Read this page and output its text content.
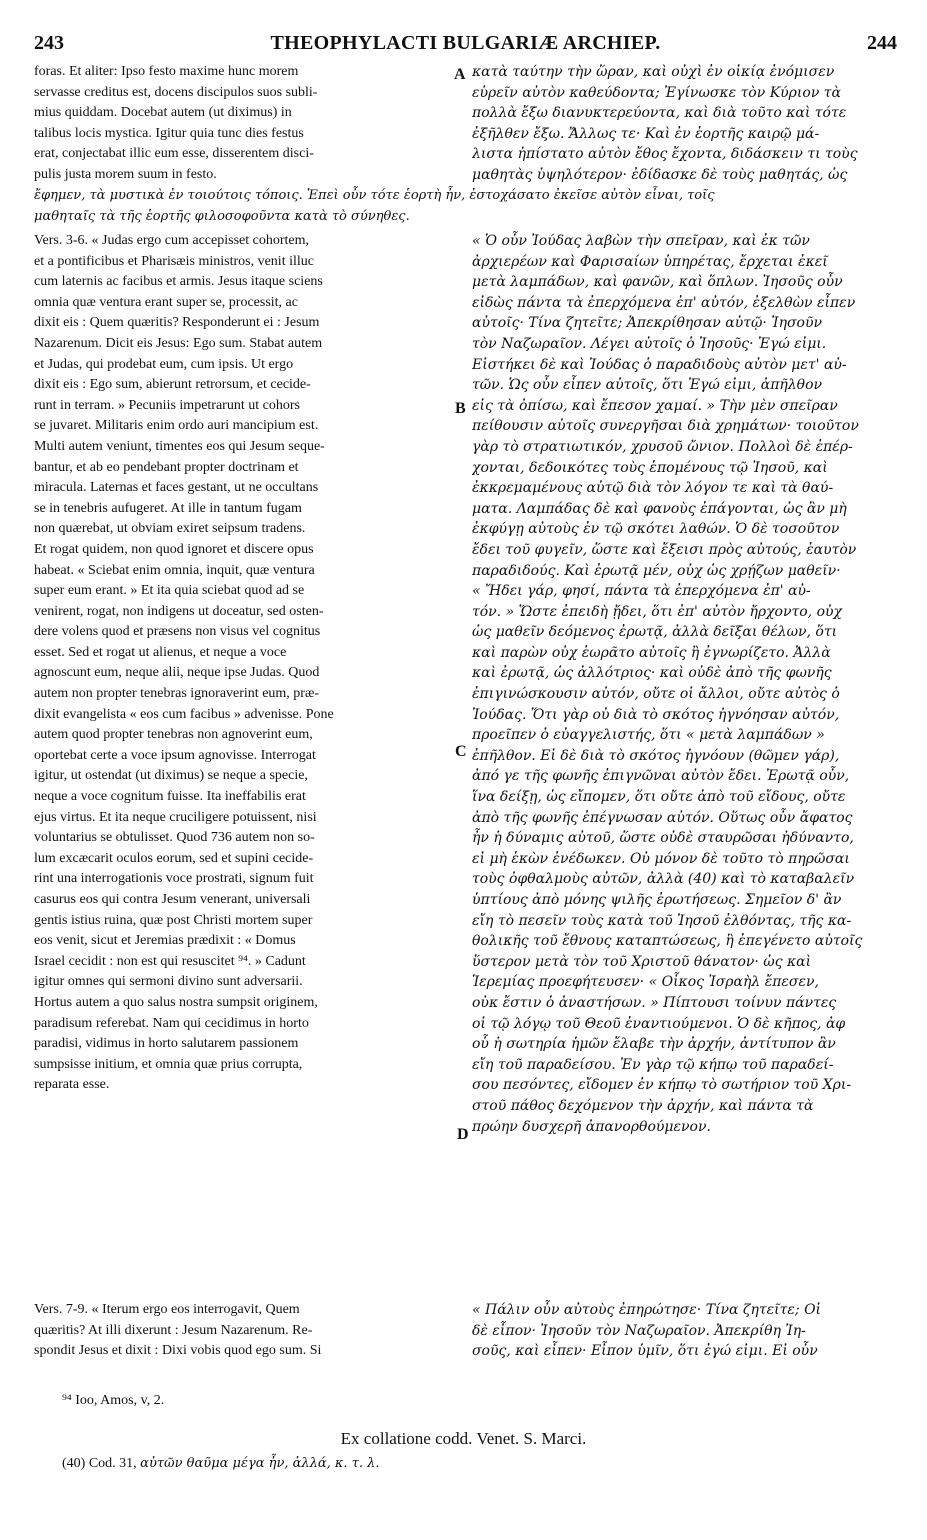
243	THEOPHYLACTI BULGARIÆ ARCHIEP.	244
A
B
C
D
foras. Et aliter: Ipso festo maxime hunc morem
servasse creditus est, docens discipulos suos subli-
mius quiddam. Docebat autem (ut diximus) in
talibus locis mystica. Igitur quia tunc dies festus
erat, conjectabat illic eum esse, disserentem disci-
pulis justa morem suum in festo.
κατὰ ταύτην τὴν ὥραν, καὶ οὐχὶ ἐν οἰκίᾳ ἐνόμισεν
εὑρεῖν αὐτὸν καθεύδοντα; Ἐγίνωσκε τὸν Κύριον τὰ
πολλὰ ἔξω διανυκτερεύοντα, καὶ διὰ τοῦτο καὶ τότε
ἐξῆλθεν ἔξω. Ἄλλως τε· Καὶ ἐν ἑορτῆς καιρῷ μά-
λιστα ἠπίστατο αὐτὸν ἔθος ἔχοντα, διδάσκειν τι τοὺς
μαθητὰς ὑψηλότερον· ἐδίδασκε δὲ τοὺς μαθητάς, ὡς
ἔφημεν, τὰ μυστικὰ ἐν τοιούτοις τόποις. Ἐπεὶ οὖν τότε ἑορτὴ ἦν, ἐστοχάσατο ἐκεῖσε αὐτὸν εἶναι, τοῖς
μαθηταῖς τὰ τῆς ἑορτῆς φιλοσοφοῦντα κατὰ τὸ σύνηθες.
Vers. 3-6. « Judas ergo cum accepisset cohortem,
et a pontificibus et Pharisæis ministros, venit illuc
cum laternis ac facibus et armis. Jesus itaque sciens
omnia quæ ventura erant super se, processit, ac
dixit eis : Quem quæritis? Responderunt ei : Jesum
Nazarenum. Dicit eis Jesus: Ego sum. Stabat autem
et Judas, qui prodebat eum, cum ipsis. Ut ergo
dixit eis : Ego sum, abierunt retrorsum, et cecide-
runt in terram. » Pecuniis impetrarunt ut cohors
se juvaret. Militaris enim ordo auri mancipium est.
Multi autem veniunt, timentes eos qui Jesum seque-
bantur, et ab eo pendebant propter doctrinam et
miracula. Laternas et faces gestant, ut ne occultans
se in tenebris aufugeret. At ille in tantum fugam
non quærebat, ut obviam exiret seipsum tradens.
Et rogat quidem, non quod ignoret et discere opus
habeat. « Sciebat enim omnia, inquit, quæ ventura
super eum erant. » Et ita quia sciebat quod ad se
venirent, rogat, non indigens ut doceatur, sed osten-
dere volens quod et præsens non visus vel cognitus
esset. Sed et rogat ut alienus, et neque a voce
agnoscunt eum, neque alii, neque ipse Judas. Quod
autem non propter tenebras ignoraverint eum, præ-
dixit evangelista « eos cum facibus » advenisse. Pone
autem quod propter tenebras non agnoverint eum,
oportebat certe a voce ipsum agnovisse. Interrogat
igitur, ut ostendat (ut diximus) se neque a specie,
neque a voce cognitum fuisse. Ita ineffabilis erat
ejus virtus. Et ita neque cruciligere potuissent, nisi
voluntarius se obtulisset. Quod 736 autem non so-
lum excæcarit oculos eorum, sed et supini cecide-
rint una interrogationis voce prostrati, signum fuit
casurus eos qui contra Jesum venerant, universali
gentis istius ruina, quæ post Christi mortem super
eos venit, sicut et Jeremias prædixit : « Domus
Israel cecidit : non est qui resuscitet ⁹⁴. » Cadunt
igitur omnes qui sermoni divino sunt adversarii.
Hortus autem a quo salus nostra sumpsit originem,
paradisum referebat. Nam qui cecidimus in horto
paradisi, vidimus in horto salutarem passionem
sumpsisse initium, et omnia quæ prius corrupta,
reparata esse.
« Ὁ οὖν Ἰούδας λαβὼν τὴν σπεῖραν, καὶ ἐκ τῶν
ἀρχιερέων καὶ Φαρισαίων ὑπηρέτας, ἔρχεται ἐκεῖ
μετὰ λαμπάδων, καὶ φανῶν, καὶ ὅπλων. Ἰησοῦς οὖν
εἰδὼς πάντα τὰ ἐπερχόμενα ἐπ' αὐτόν, ἐξελθὼν εἶπεν
αὐτοῖς· Τίνα ζητεῖτε; Ἀπεκρίθησαν αὐτῷ· Ἰησοῦν
τὸν Ναζωραῖον. Λέγει αὐτοῖς ὁ Ἰησοῦς· Ἐγώ εἰμι.
Εἱστήκει δὲ καὶ Ἰούδας ὁ παραδιδοὺς αὐτὸν μετ' αὐ-
τῶν. Ὡς οὖν εἶπεν αὐτοῖς, ὅτι Ἐγώ εἰμι, ἀπῆλθον
εἰς τὰ ὀπίσω, καὶ ἔπεσον χαμαί. » Τὴν μὲν σπεῖραν
πείθουσιν αὐτοῖς συνεργῆσαι διὰ χρημάτων· τοιοῦτον
γὰρ τὸ στρατιωτικόν, χρυσοῦ ὤνιον. Πολλοὶ δὲ ἐπέρ-
χονται, δεδοικότες τοὺς ἑπομένους τῷ Ἰησοῦ, καὶ
ἐκκρεμαμένους αὐτῷ διὰ τὸν λόγον τε καὶ τὰ θαύ-
ματα. Λαμπάδας δὲ καὶ φανοὺς ἐπάγονται, ὡς ἂν μὴ
ἐκφύγῃ αὐτοὺς ἐν τῷ σκότει λαθών. Ὁ δὲ τοσοῦτον
ἔδει τοῦ φυγεῖν, ὥστε καὶ ἔξεισι πρὸς αὐτούς, ἑαυτὸν
παραδιδούς. Καὶ ἐρωτᾷ μέν, οὐχ ὡς χρῄζων μαθεῖν·
« Ἤδει γάρ, φησί, πάντα τὰ ἐπερχόμενα ἐπ' αὐ-
τόν. » Ὥστε ἐπειδὴ ᾔδει, ὅτι ἐπ' αὐτὸν ἤρχοντο, οὐχ
ὡς μαθεῖν δεόμενος ἐρωτᾷ, ἀλλὰ δεῖξαι θέλων, ὅτι
καὶ παρὼν οὐχ ἑωρᾶτο αὐτοῖς ἢ ἐγνωρίζετο. Ἀλλὰ
καὶ ἐρωτᾷ, ὡς ἀλλότριος· καὶ οὐδὲ ἀπὸ τῆς φωνῆς
ἐπιγινώσκουσιν αὐτόν, οὔτε οἱ ἄλλοι, οὔτε αὐτὸς ὁ
Ἰούδας. Ὅτι γὰρ οὐ διὰ τὸ σκότος ἠγνόησαν αὐτόν,
προεῖπεν ὁ εὐαγγελιστής, ὅτι « μετὰ λαμπάδων »
ἐπῆλθον. Εἰ δὲ διὰ τὸ σκότος ἠγνόουν (θῶμεν γάρ),
ἀπό γε τῆς φωνῆς ἐπιγνῶναι αὐτὸν ἔδει. Ἐρωτᾷ οὖν,
ἵνα δείξῃ, ὡς εἴπομεν, ὅτι οὔτε ἀπὸ τοῦ εἴδους, οὔτε
ἀπὸ τῆς φωνῆς ἐπέγνωσαν αὐτόν. Οὕτως οὖν ἄφατος
ἦν ἡ δύναμις αὐτοῦ, ὥστε οὐδὲ σταυρῶσαι ἠδύναντο,
εἰ μὴ ἑκὼν ἐνέδωκεν. Οὐ μόνον δὲ τοῦτο τὸ πηρῶσαι
τοὺς ὀφθαλμοὺς αὐτῶν, ἀλλὰ (40) καὶ τὸ καταβαλεῖν
ὑπτίους ἀπὸ μόνης ψιλῆς ἐρωτήσεως. Σημεῖον δ' ἂν
εἴη τὸ πεσεῖν τοὺς κατὰ τοῦ Ἰησοῦ ἐλθόντας, τῆς κα-
θολικῆς τοῦ ἔθνους καταπτώσεως, ἣ ἐπεγένετο αὐτοῖς
ὕστερον μετὰ τὸν τοῦ Χριστοῦ θάνατον· ὡς καὶ
Ἱερεμίας προεφήτευσεν· « Οἶκος Ἰσραὴλ ἔπεσεν,
οὐκ ἔστιν ὁ ἀναστήσων. » Πίπτουσι τοίνυν πάντες
οἱ τῷ λόγῳ τοῦ Θεοῦ ἐναντιούμενοι. Ὁ δὲ κῆπος, ἀφ
οὗ ἡ σωτηρία ἡμῶν ἔλαβε τὴν ἀρχήν, ἀντίτυπον ἂν
εἴη τοῦ παραδείσου. Ἐν γὰρ τῷ κήπῳ τοῦ παραδεί-
σου πεσόντες, εἴδομεν ἐν κήπῳ τὸ σωτήριον τοῦ Χρι-
στοῦ πάθος δεχόμενον τὴν ἀρχήν, καὶ πάντα τὰ
πρώην δυσχερῆ ἀπανορθούμενον.
Vers. 7-9. « Iterum ergo eos interrogavit, Quem
quæritis? At illi dixerunt : Jesum Nazarenum. Re-
spondit Jesus et dixit : Dixi vobis quod ego sum. Si
« Πάλιν οὖν αὐτοὺς ἐπηρώτησε· Τίνα ζητεῖτε; Οἱ
δὲ εἶπον· Ἰησοῦν τὸν Ναζωραῖον. Ἀπεκρίθη Ἰη-
σοῦς, καὶ εἶπεν· Εἶπον ὑμῖν, ὅτι ἐγώ εἰμι. Εἰ οὖν
⁹⁴ Ioo, Amos, v, 2.
Ex collatione codd. Venet. S. Marci.
(40) Cod. 31, αὐτῶν θαῦμα μέγα ἦν, ἀλλά, κ. τ. λ.
